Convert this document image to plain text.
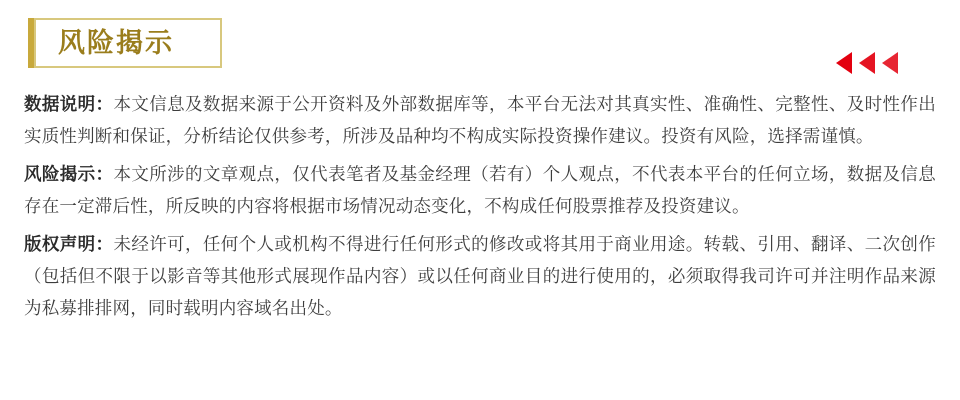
风险揭示

数据说明：本文信息及数据来源于公开资料及外部数据库等，本平台无法对其真实性、准确性、完整性、及时性作出实质性判断和保证，分析结论仅供参考，所涉及品种均不构成实际投资操作建议。投资有风险，选择需谨慎。

风险揭示：本文所涉的文章观点，仅代表笔者及基金经理（若有）个人观点，不代表本平台的任何立场，数据及信息存在一定滞后性，所反映的内容将根据市场情况动态变化，不构成任何股票推荐及投资建议。

版权声明：未经许可，任何个人或机构不得进行任何形式的修改或将其用于商业用途。转载、引用、翻译、二次创作（包括但不限于以影音等其他形式展现作品内容）或以任何商业目的进行使用的，必须取得我司许可并注明作品来源为私募排排网，同时载明内容域名出处。
